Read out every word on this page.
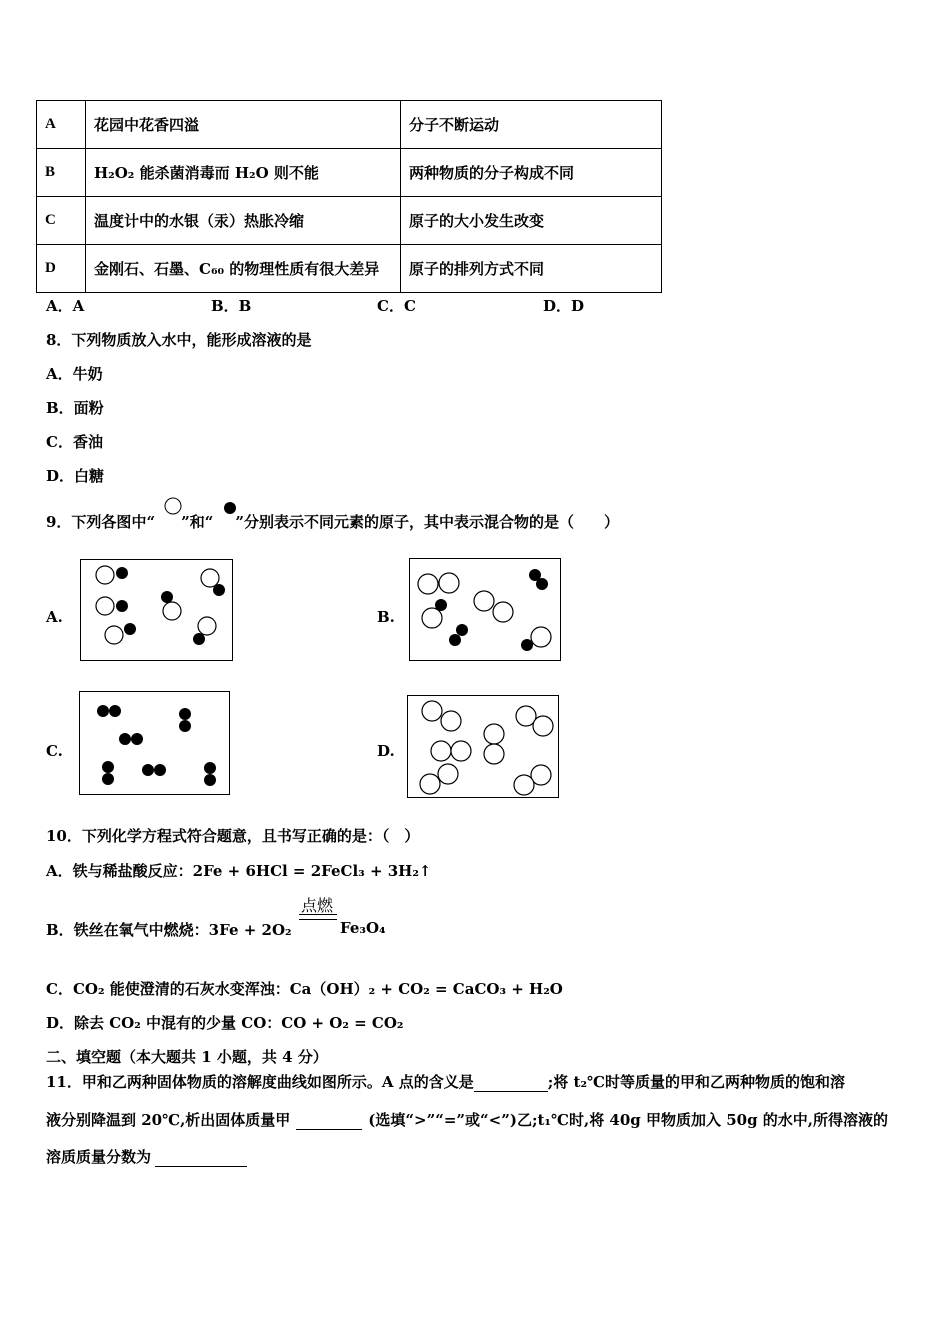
A	花园中花香四溢	分子不断运动
B	H₂O₂ 能杀菌消毒而 H₂O 则不能	两种物质的分子构成不同
C	温度计中的水银（汞）热胀冷缩	原子的大小发生改变
D	金刚石、石墨、C₆₀ 的物理性质有很大差异	原子的排列方式不同
A．A	B．B	C．C	D．D
8．下列物质放入水中，能形成溶液的是
A．牛奶
B．面粉
C．香油
D．白糖
9．下列各图中“ ”和“ ”分别表示不同元素的原子，其中表示混合物的是（　　）
A.	B.
C.	D.
10．下列化学方程式符合题意，且书写正确的是：（　）
A．铁与稀盐酸反应：2Fe + 6HCl = 2FeCl₃ + 3H₂↑
B．铁丝在氧气中燃烧：3Fe + 2O₂
点燃
Fe₃O₄
C．CO₂ 能使澄清的石灰水变浑浊：Ca（OH）₂ + CO₂ = CaCO₃ + H₂O
D．除去 CO₂ 中混有的少量 CO：CO + O₂ = CO₂
二、填空题（本大题共 1 小题，共 4 分）
11．甲和乙两种固体物质的溶解度曲线如图所示。A 点的含义是	;将 t₂℃时等质量的甲和乙两种物质的饱和溶
液分别降温到 20℃,析出固体质量甲	(选填“>”“=”或“<”)乙;t₁℃时,将 40g 甲物质加入 50g 的水中,所得溶液的
溶质质量分数为
